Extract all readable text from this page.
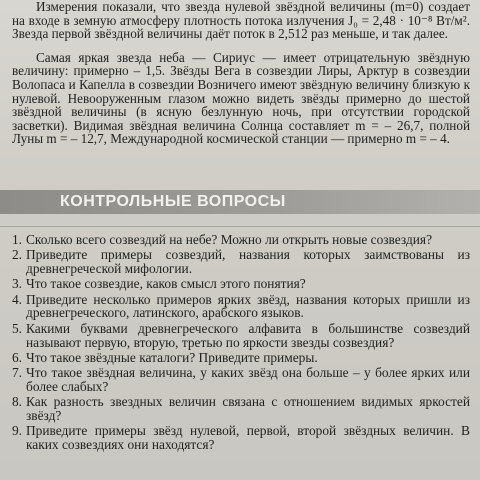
Измерения показали, что звезда нулевой звёздной величины (m=0) создает на входе в земную атмосферу плотность потока излучения J₀ = 2,48 · 10⁻⁸ Вт/м². Звезда первой звёздной величины даёт поток в 2,512 раз меньше, и так далее.

Самая яркая звезда неба — Сириус — имеет отрицательную звёздную величину: примерно – 1,5. Звёзды Вега в созвездии Лиры, Арктур в созвездии Волопаса и Капелла в созвездии Возничего имеют звёздную величину близкую к нулевой. Невооруженным глазом можно видеть звёзды примерно до шестой звёздной величины (в ясную безлунную ночь, при отсутствии городской засветки). Видимая звёздная величина Солнца составляет m = – 26,7, полной Луны m = – 12,7, Международной космической станции — примерно m = – 4.

КОНТРОЛЬНЫЕ ВОПРОСЫ
1. Сколько всего созвездий на небе? Можно ли открыть новые созвездия?
2. Приведите примеры созвездий, названия которых заимствованы из древнегреческой мифологии.
3. Что такое созвездие, каков смысл этого понятия?
4. Приведите несколько примеров ярких звёзд, названия которых пришли из древнегреческого, латинского, арабского языков.
5. Какими буквами древнегреческого алфавита в большинстве созвездий называют первую, вторую, третью по яркости звезды созвездия?
6. Что такое звёздные каталоги? Приведите примеры.
7. Что такое звёздная величина, у каких звёзд она больше – у более ярких или более слабых?
8. Как разность звездных величин связана с отношением видимых яркостей звёзд?
9. Приведите примеры звёзд нулевой, первой, второй звёздных величин. В каких созвездиях они находятся?
